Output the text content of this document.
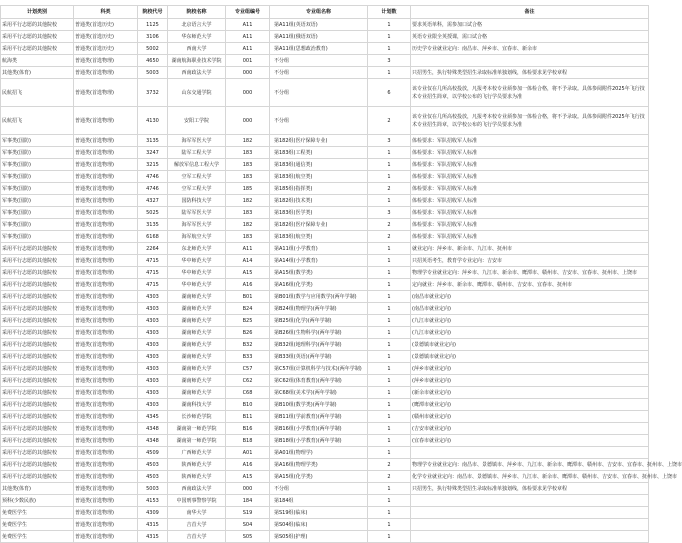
计划类别	科类	院校代号	院校名称	专业组编号	专业组名称	计划数	备注
采用平行志愿的其他院校	普通类(首选历史)	1125	北京语言大学	A11	第A11组(英语双语)	1	要求英语单科，需参加口试合格
采用平行志愿的其他院校	普通类(首选历史)	3106	华东师范大学	A11	第A11组(俄语双语)	1	英语专业限全英授课，需口试合格
采用平行志愿的其他院校	普通类(首选历史)	5002	西南大学	A11	第A11组(思想政治教育)	1	历史学专业就业定向：南昌市、萍乡市、宜春市、新余市
航海类	普通类(首选物理)	4650	湖南航海职业技术学院	001	不分组	3	
其他类(体育)	普通类(首选物理)	5003	西南政法大学	000	不分组	1	只招男生，执行特殊类型招生录取标准单独划线，体检要求见学校章程
民航招飞	普通类(首选物理)	3732	山东交通学院	000	不分组	6	该专业仅在几所高校投放，凡报考本校专业须参加一体检合格，将不予录取。具体参阅附件2025年飞行技术专业招生简章，以学校公布的飞行学员要求为准
民航招飞	普通类(首选物理)	4130	安阳工学院	000	不分组	2	该专业仅在几所高校投放，凡报考本校专业须参加一体检合格，将不予录取。具体参阅附件2025年飞行技术专业招生简章，以学校公布的飞行学员要求为准
军事类(国防)	普通类(首选物理)	3135	海军军医大学	182	第182组(医疗保障专业)	3	体检要求：军队招收军人标准
军事类(国防)	普通类(首选物理)	3247	陆军工程大学	183	第183组(工程类)	1	体检要求：军队招收军人标准
军事类(国防)	普通类(首选物理)	3215	解放军信息工程大学	183	第183组(通信类)	1	体检要求：军队招收军人标准
军事类(国防)	普通类(首选物理)	4746	空军工程大学	183	第183组(航空类)	1	体检要求：军队招收军人标准
军事类(国防)	普通类(首选物理)	4746	空军工程大学	185	第185组(指挥类)	2	体检要求：军队招收军人标准
军事类(国防)	普通类(首选物理)	4327	国防科技大学	182	第182组(技术类)	1	体检要求：军队招收军人标准
军事类(国防)	普通类(首选物理)	5025	陆军军医大学	183	第183组(医学类)	3	体检要求：军队招收军人标准
军事类(国防)	普通类(首选物理)	3135	海军军医大学	182	第182组(医疗保障专业)	2	体检要求：军队招收军人标准
军事类(国防)	普通类(首选物理)	6168	海军航空大学	183	第183组(航空类)	2	体检要求：军队招收军人标准
采用平行志愿的其他院校	普通类(首选物理)	2264	东北师范大学	A11	第A11组(小学教育)	1	就业定向：萍乡市、新余市、九江市、抚州市
采用平行志愿的其他院校	普通类(首选物理)	4715	华中师范大学	A14	第A14组(小学教育)	1	只招英语考生，教育学专业定向：吉安市
采用平行志愿的其他院校	普通类(首选物理)	4715	华中师范大学	A15	第A15组(数学类)	1	物理学专业就业定向：萍乡市、九江市、新余市、鹰潭市、赣州市、吉安市、宜春市、抚州市、上饶市
采用平行志愿的其他院校	普通类(首选物理)	4715	华中师范大学	A16	第A16组(化学类)	1	定向就业：萍乡市、新余市、鹰潭市、赣州市、吉安市、宜春市、抚州市
采用平行志愿的其他院校	普通类(首选物理)	4303	湖南师范大学	B01	第B01组(数学与应用数学)(两年学制)	1	(南昌市就业定向)
采用平行志愿的其他院校	普通类(首选物理)	4303	湖南师范大学	B24	第B24组(物理学)(两年学制)	1	(南昌市就业定向)
采用平行志愿的其他院校	普通类(首选物理)	4303	湖南师范大学	B25	第B25组(化学)(两年学制)	1	(九江市就业定向)
采用平行志愿的其他院校	普通类(首选物理)	4303	湖南师范大学	B26	第B26组(生物科学)(两年学制)	1	(九江市就业定向)
采用平行志愿的其他院校	普通类(首选物理)	4303	湖南师范大学	B32	第B32组(地理科学)(两年学制)	1	(景德镇市就业定向)
采用平行志愿的其他院校	普通类(首选物理)	4303	湖南师范大学	B33	第B33组(英语)(两年学制)	1	(景德镇市就业定向)
采用平行志愿的其他院校	普通类(首选物理)	4303	湖南师范大学	C57	第C57组(计算机科学与技术)(两年学制)	1	(萍乡市就业定向)
采用平行志愿的其他院校	普通类(首选物理)	4303	湖南师范大学	C62	第C62组(体育教育)(两年学制)	1	(萍乡市就业定向)
采用平行志愿的其他院校	普通类(首选物理)	4303	湖南师范大学	C68	第C68组(美术学)(两年学制)	1	(新余市就业定向)
采用平行志愿的其他院校	普通类(首选物理)	4303	湖南科技大学	B10	第B10组(数学类)(两年学制)	1	(鹰潭市就业定向)
采用平行志愿的其他院校	普通类(首选物理)	4345	长沙师范学院	B11	第B11组(学前教育)(两年学制)	1	(赣州市就业定向)
采用平行志愿的其他院校	普通类(首选物理)	4348	湖南第一师范学院	B16	第B16组(小学教育)(两年学制)	1	(吉安市就业定向)
采用平行志愿的其他院校	普通类(首选物理)	4348	湖南第一师范学院	B18	第B18组(小学教育)(两年学制)	1	(宜春市就业定向)
采用平行志愿的其他院校	普通类(首选物理)	4509	广西师范大学	A01	第A01组(物理学)	1	
采用平行志愿的其他院校	普通类(首选物理)	4503	陕西师范大学	A16	第A16组(物理学类)	2	物理学专业就业定向：南昌市、景德镇市、萍乡市、九江市、新余市、鹰潭市、赣州市、吉安市、宜春市、抚州市、上饶市
采用平行志愿的其他院校	普通类(首选物理)	4503	陕西师范大学	A15	第A15组(化学类)	2	化学专业就业定向：南昌市、景德镇市、萍乡市、九江市、新余市、鹰潭市、赣州市、吉安市、宜春市、抚州市、上饶市
其他类(体育)	普通类(首选物理)	5003	西南政法大学	000	不分组	1	只招男生，执行特殊类型招生录取标准单独划线，体检要求见学校章程
预科(少数民族)	普通类(首选物理)	4153	中国刑事警察学院	184	第184组	1	
免费医学生	普通类(首选物理)	4309	南华大学	S19	第S19组(临床)	1	
免费医学生	普通类(首选物理)	4315	吉首大学	S04	第S04组(临床)	1	
免费医学生	普通类(首选物理)	4315	吉首大学	S05	第S05组(护理)	1	
